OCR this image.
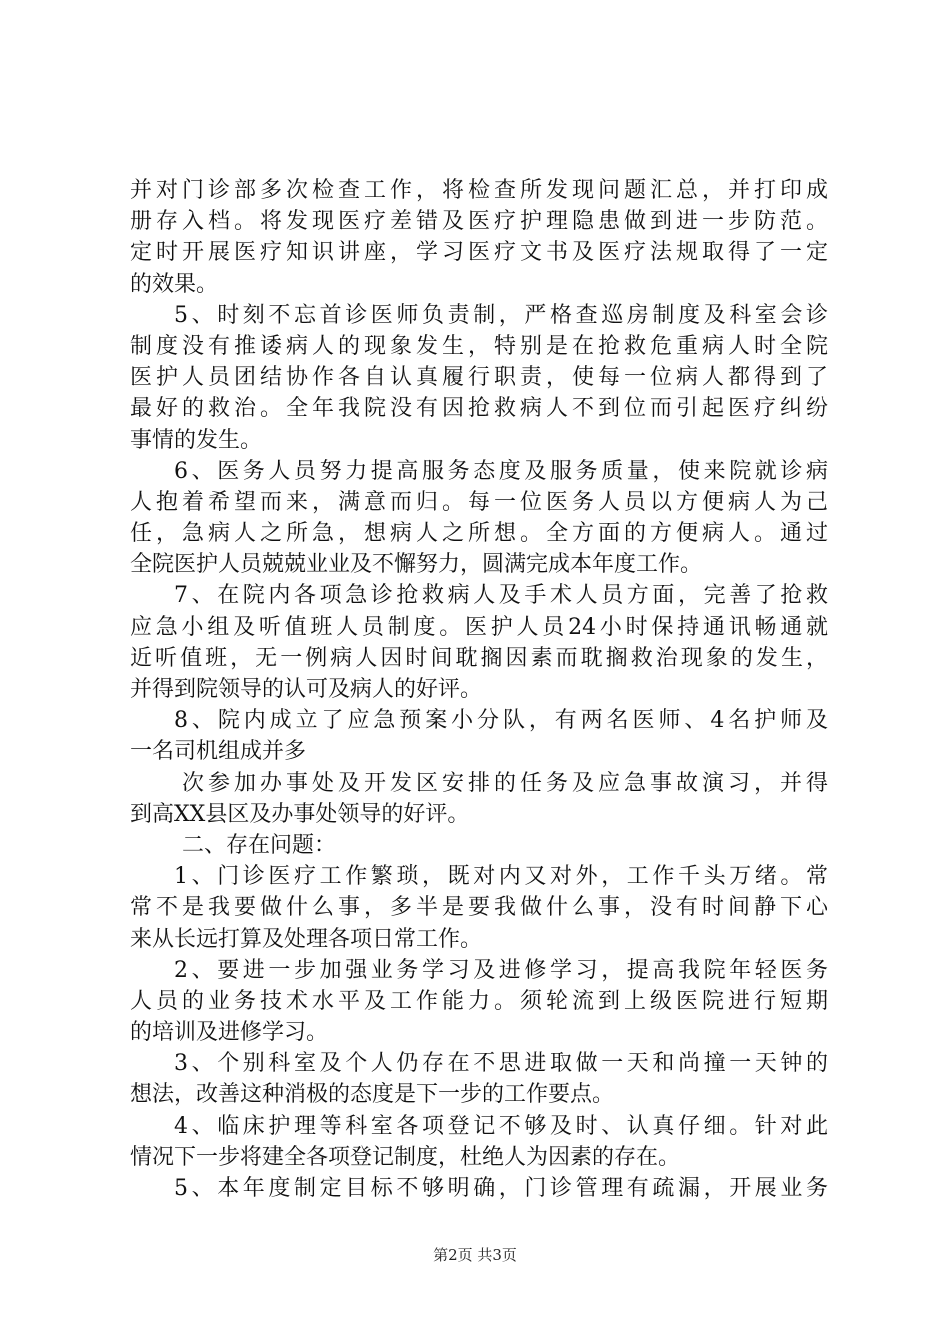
并对门诊部多次检查工作，将检查所发现问题汇总，并打印成
册存入档。将发现医疗差错及医疗护理隐患做到进一步防范。
定时开展医疗知识讲座，学习医疗文书及医疗法规取得了一定
的效果。
5、时刻不忘首诊医师负责制，严格查巡房制度及科室会诊
制度没有推诿病人的现象发生，特别是在抢救危重病人时全院
医护人员团结协作各自认真履行职责，使每一位病人都得到了
最好的救治。全年我院没有因抢救病人不到位而引起医疗纠纷
事情的发生。
6、医务人员努力提高服务态度及服务质量，使来院就诊病
人抱着希望而来，满意而归。每一位医务人员以方便病人为己
任，急病人之所急，想病人之所想。全方面的方便病人。通过
全院医护人员兢兢业业及不懈努力，圆满完成本年度工作。
7、在院内各项急诊抢救病人及手术人员方面，完善了抢救
应急小组及听值班人员制度。医护人员24小时保持通讯畅通就
近听值班，无一例病人因时间耽搁因素而耽搁救治现象的发生，
并得到院领导的认可及病人的好评。
8、院内成立了应急预案小分队，有两名医师、4名护师及
一名司机组成并多
次参加办事处及开发区安排的任务及应急事故演习，并得
到高XX县区及办事处领导的好评。
二、存在问题：
1、门诊医疗工作繁琐，既对内又对外，工作千头万绪。常
常不是我要做什么事，多半是要我做什么事，没有时间静下心
来从长远打算及处理各项日常工作。
2、要进一步加强业务学习及进修学习，提高我院年轻医务
人员的业务技术水平及工作能力。须轮流到上级医院进行短期
的培训及进修学习。
3、个别科室及个人仍存在不思进取做一天和尚撞一天钟的
想法，改善这种消极的态度是下一步的工作要点。
4、临床护理等科室各项登记不够及时、认真仔细。针对此
情况下一步将建全各项登记制度，杜绝人为因素的存在。
5、本年度制定目标不够明确，门诊管理有疏漏，开展业务
第2页 共3页
